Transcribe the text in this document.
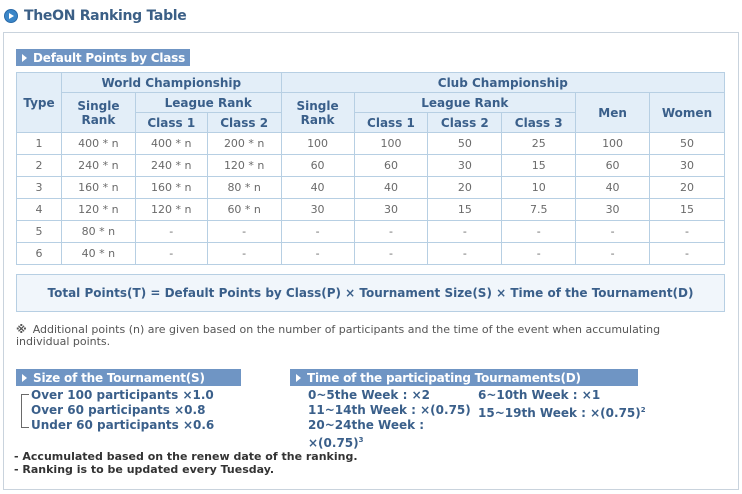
TheON Ranking Table
Default Points by Class
Type	World Championship			Club Championship					
	Single Rank	League Rank		Single Rank	League Rank			Men	Women
		Class 1	Class 2		Class 1	Class 2	Class 3		
1	400 * n	400 * n	200 * n	100	100	50	25	100	50
2	240 * n	240 * n	120 * n	60	60	30	15	60	30
3	160 * n	160 * n	80 * n	40	40	20	10	40	20
4	120 * n	120 * n	60 * n	30	30	15	7.5	30	15
5	80 * n	-	-	-	-	-	-	-	-
6	40 * n	-	-	-	-	-	-	-	-
Total Points(T) = Default Points by Class(P) × Tournament Size(S) × Time of the Tournament(D)
※ Additional points (n) are given based on the number of participants and the time of the event when accumulating individual points.
Size of the Tournament(S)
Over 100 participants ×1.0
Over 60 participants ×0.8
Under 60 participants ×0.6
Time of the participating Tournaments(D)
0~5the Week : ×2	6~10th Week : ×1
11~14th Week : ×(0.75) 15~19th Week : $\times(0.75)^2$
20~24the Week : $\times(0.75)^3$
- Accumulated based on the renew date of the ranking.
- Ranking is to be updated every Tuesday.
